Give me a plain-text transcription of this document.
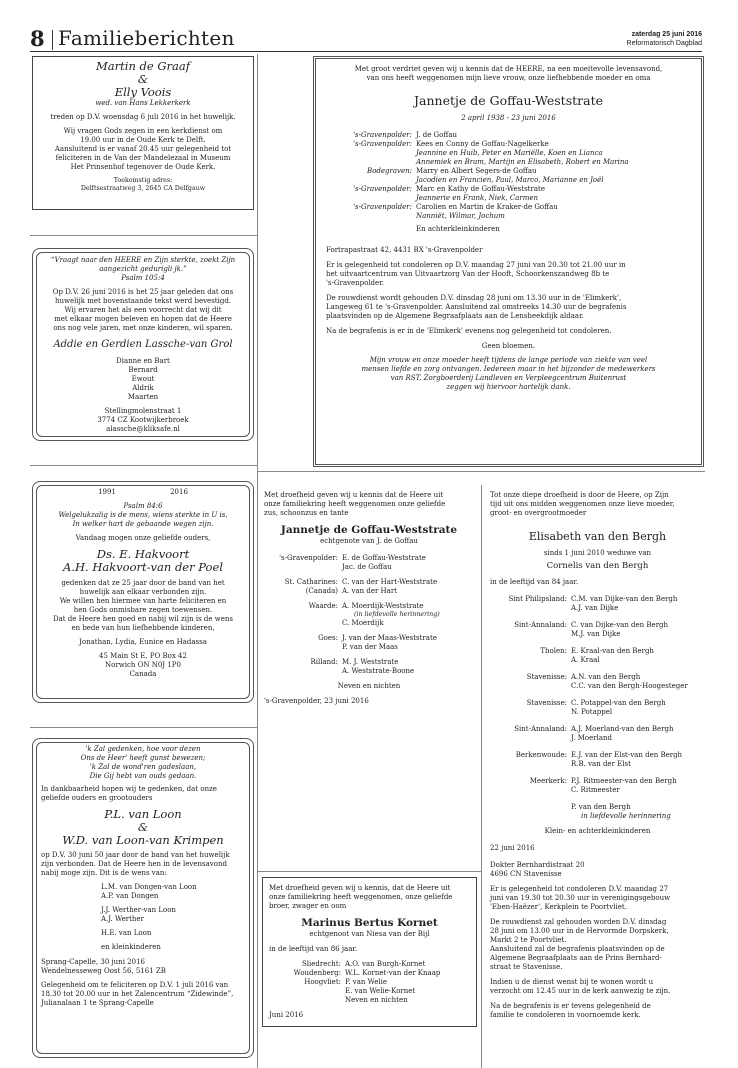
8 Familieberichten	zaterdag 25 juni 2016
Reformatorisch Dagblad
Martin de Graaf
&
Elly Voois
wed. van Hans Lekkerkerk
treden op D.V. woensdag 6 juli 2016 in het huwelijk.
Wij vragen Gods zegen in een kerkdienst om
19.00 uur in de Oude Kerk te Delft.
Aansluitend is er vanaf 20.45 uur gelegenheid tot
feliciteren in de Van der Mandelezaal in Museum
Het Prinsenhof tegenover de Oude Kerk.
Toekomstig adres:
Delftsestraatweg 3, 2645 CA Delfgauw
“Vraagt naar den HEERE en Zijn sterkte, zoekt Zijn
aangezicht gedurigli jk.”
Psalm 105:4
Op D.V. 26 juni 2016 is het 25 jaar geleden dat ons
huwelijk met bovenstaande tekst werd bevestigd.
Wij ervaren het als een voorrecht dat wij dit
met elkaar mogen beleven en hopen dat de Heere
ons nog vele jaren, met onze kinderen, wil sparen.
Addie en Gerdien Lassche-van Grol
Dianne en Bart
Bernard
Ewout
Aldrik
Maarten
Stellingmolenstraat 1
3774 CZ Kootwijkerbroek
alassche@kliksafe.nl
1991	2016
Psalm 84:6
Welgelukzalig is de mens, wiens sterkte in U is,
In welker hart de gebaande wegen zijn.
Vandaag mogen onze geliefde ouders,
Ds. E. Hakvoort
A.H. Hakvoort-van der Poel
gedenken dat ze 25 jaar door de band van het
huwelijk aan elkaar verbonden zijn.
We willen hen hiermee van harte feliciteren en
hen Gods onmisbare zegen toewensen.
Dat de Heere hen goed en nabij wil zijn is de wens
en bede van hun liefhebbende kinderen,
Jonathan, Lydia, Eunice en Hadassa
45 Main St E, PO Box 42
Norwich ON N0J 1P0
Canada
'k Zal gedenken, hoe voor dezen
Ons de Heer' heeft gunst bewezen;
'k Zal de wond'ren gadeslaan,
Die Gij hebt van ouds gedaan.
In dankbaarheid hopen wij te gedenken, dat onze
geliefde ouders en grootouders
P.L. van Loon
&
W.D. van Loon-van Krimpen
op D.V. 30 juni 50 jaar door de band van het huwelijk
zijn verbonden. Dat de Heere hen in de levensavond
nabij moge zijn. Dit is de wens van:
L.M. van Dongen-van Loon
A.P. van Dongen
J.J. Werther-van Loon
A.J. Werther
H.E. van Loon
en kleinkinderen
Sprang-Capelle, 30 juni 2016
Wendelnesseweg Oost 56, 5161 ZB
Gelegenheid om te feliciteren op D.V. 1 juli 2016 van
18.30 tot 20.00 uur in het Zalencentrum “Zidewinde”,
Julianalaan 1 te Sprang-Capelle
Met groot verdriet geven wij u kennis dat de HEERE, na een moeitevolle levensavond,
van ons heeft weggenomen mijn lieve vrouw, onze liefhebbende moeder en oma
Jannetje de Goffau-Weststrate
2 april 1938 - 23 juni 2016
's-Gravenpolder: J. de Goffau
's-Gravenpolder: Kees en Conny de Goffau-Nagelkerke
Jeannine en Huib, Peter en Mariëlle, Koen en Lianca
Annemiek en Bram, Martijn en Elisabeth, Robert en Marina
Bodegraven: Marry en Albert Segers-de Goffau
Jacodien en Francien, Paul, Marco, Marianne en Joël
's-Gravenpolder: Marc en Kathy de Goffau-Weststrate
Jeannerie en Frank, Niek, Carmen
's-Gravenpolder: Carolien en Martin de Kraker-de Goffau
Nanniët, Wilmar, Jochum
En achterkleinkinderen
Fortrapastraat 42, 4431 BX 's-Gravenpolder
Er is gelegenheid tot condoleren op D.V. maandag 27 juni van 20.30 tot 21.00 uur in
het uitvaartcentrum van Uitvaartzorg Van der Hooft, Schoorkenszandweg 8b te
's-Gravenpolder.
De rouwdienst wordt gehouden D.V. dinsdag 28 juni om 13.30 uur in de 'Elimkerk',
Langeweg 61 te 's-Gravenpolder. Aansluitend zal omstreeks 14.30 uur de begrafenis
plaatsvinden op de Algemene Begraafplaats aan de Lensheekdijk aldaar.
Na de begrafenis is er in de 'Elimkerk' evenens nog gelegenheid tot condoleren.
Geen bloemen.
Mijn vrouw en onze moeder heeft tijdens de lange periode van ziekte van veel
mensen liefde en zorg ontvangen. Iedereen maar in het bijzonder de medewerkers
van RST, Zorgboerderij Landleven en Verpleegcentrum Buitenrust
zeggen wij hiervoor hartelijk dank.
Met droefheid geven wij u kennis dat de Heere uit
onze familiekring heeft weggenomen onze geliefde
zus, schoonzus en tante
Jannetje de Goffau-Weststrate
echtgenote van J. de Goffau
's-Gravenpolder: E. de Goffau-Weststrate
Jac. de Goffau
St. Catharines:
(Canada)
C. van der Hart-Weststrate
A. van der Hart
Waarde: A. Moerdijk-Weststrate
(in liefdevolle herinnering)
C. Moerdijk
Goes: J. van der Maas-Weststrate
P. van der Maas
Rilland: M. J. Weststrate
A. Weststrate-Boone
Neven en nichten
's-Gravenpolder, 23 juni 2016
Met droefheid geven wij u kennis, dat de Heere uit
onze familiekring heeft weggenomen, onze geliefde
broer, zwager en oom
Marinus Bertus Kornet
echtgenoot van Niesa van der Bijl
in de leeftijd van 86 jaar.
Sliedrecht: A.O. van Burgh-Kornet
Woudenberg: W.L. Kornet-van der Knaap
Hoogvliet: P. van Welie
E. van Welie-Kornet
Neven en nichten
Juni 2016
Tot onze diepe droefheid is door de Heere, op Zijn
tijd uit ons midden weggenomen onze lieve moeder,
groot- en overgrootmoeder
Elisabeth van den Bergh
sinds 1 juni 2010 weduwe van
Cornelis van den Bergh
in de leeftijd van 84 jaar.
Sint Philipsland: C.M. van Dijke-van den Bergh
A.J. van Dijke
Sint-Annaland: C. van Dijke-van den Bergh
M.J. van Dijke
Tholen: E. Kraal-van den Bergh
A. Kraal
Stavenisse: A.N. van den Bergh
C.C. van den Bergh-Hoogesteger
Stavenisse: C. Potappel-van den Bergh
N. Potappel
Sint-Annaland: A.J. Moerland-van den Bergh
J. Moerland
Berkenwoude: E.J. van der Elst-van den Bergh
R.B. van der Elst
Meerkerk: P.J. Ritmeester-van den Bergh
C. Ritmeester
P. van den Bergh
in liefdevolle herinnering
Klein- en achterkleinkinderen
22 juni 2016
Dokter Bernhardistraat 20
4696 CN Stavenisse
Er is gelegenheid tot condoleren D.V. maandag 27
juni van 19.30 tot 20.30 uur in verenigingsgebouw
'Eben-Haëzer', Kerkplein te Poortvliet.
De rouwdienst zal gehouden worden D.V. dinsdag
28 juni om 13.00 uur in de Hervormde Dorpskerk,
Markt 2 te Poortvliet.
Aansluitend zal de begrafenis plaatsvinden op de
Algemene Begraafplaats aan de Prins Bernhard-
straat te Stavenisse.
Indien u de dienst wenst bij te wonen wordt u
verzocht om 12.45 uur in de kerk aanwezig te zijn.
Na de begrafenis is er tevens gelegenheid de
familie te condoleren in voornoemde kerk.
